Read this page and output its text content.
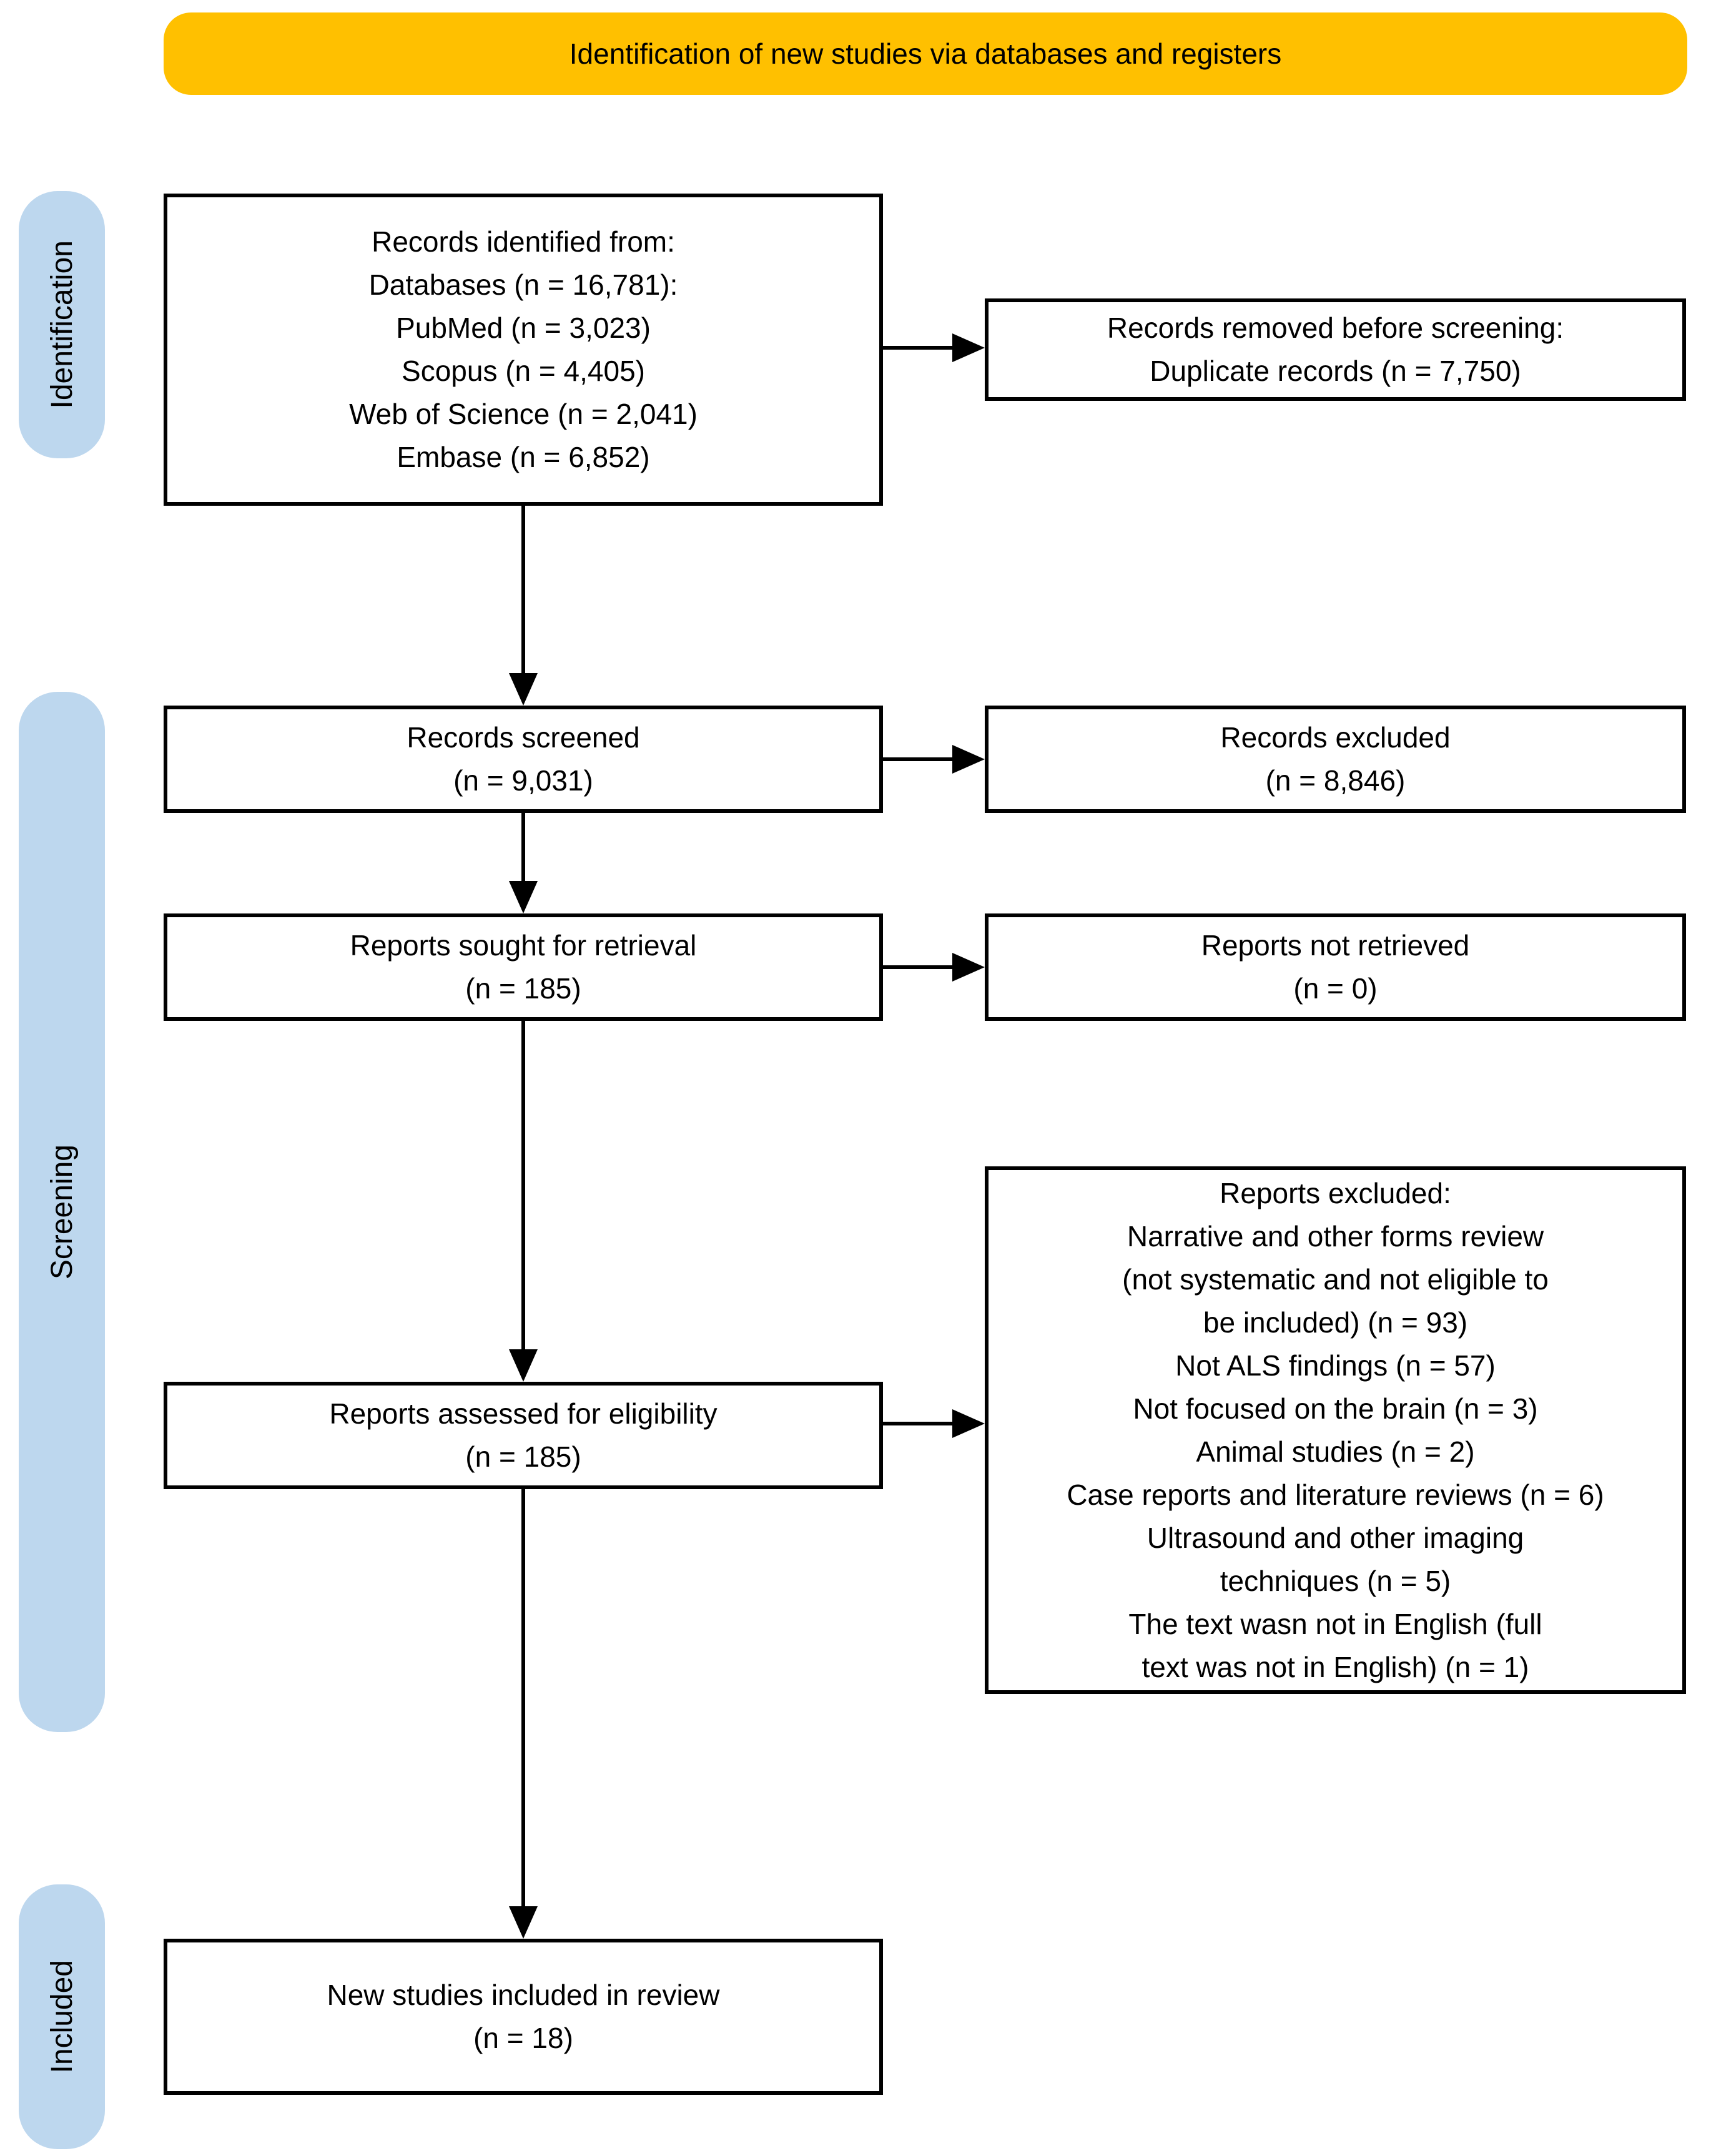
Identification of new studies via databases and registers
Identification
Screening
Included
Records identified from:
Databases (n = 16,781):
PubMed (n = 3,023)
Scopus (n = 4,405)
Web of Science (n = 2,041)
Embase (n = 6,852)
Records screened
(n = 9,031)
Reports sought for retrieval
(n = 185)
Reports assessed for eligibility
(n = 185)
New studies included in review
(n = 18)
Records removed before screening:
Duplicate records (n = 7,750)
Records excluded
(n = 8,846)
Reports not retrieved
(n = 0)
Reports excluded:
Narrative and other forms review
(not systematic and not eligible to
be included) (n = 93)
Not ALS findings (n = 57)
Not focused on the brain (n = 3)
Animal studies (n = 2)
Case reports and literature reviews (n = 6)
Ultrasound and other imaging
techniques (n = 5)
The text wasn not in English (full
text was not in English) (n = 1)
